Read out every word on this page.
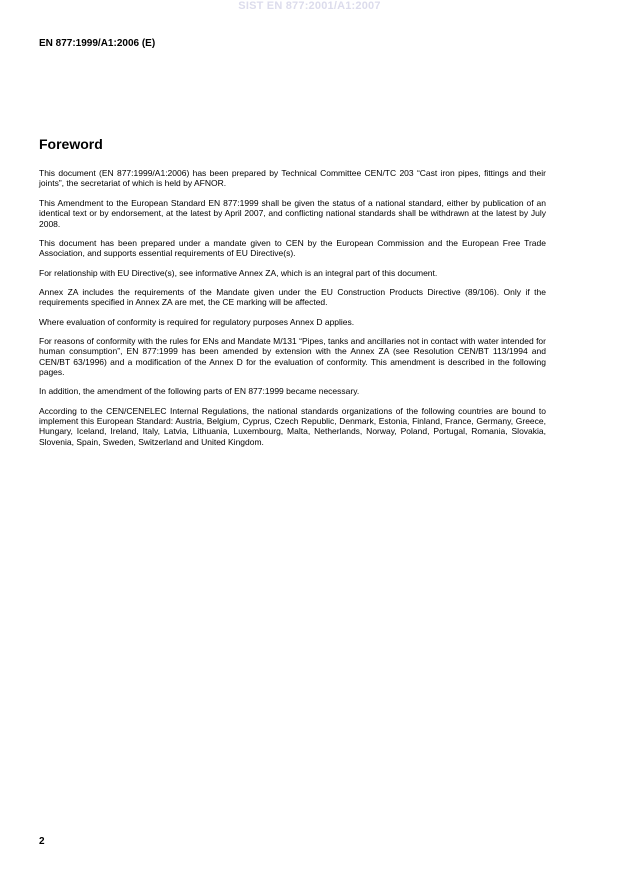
SIST EN 877:2001/A1:2007
EN 877:1999/A1:2006 (E)
Foreword

This document (EN 877:1999/A1:2006) has been prepared by Technical Committee CEN/TC 203 “Cast iron pipes, fittings and their joints”, the secretariat of which is held by AFNOR.

This Amendment to the European Standard EN 877:1999 shall be given the status of a national standard, either by publication of an identical text or by endorsement, at the latest by April 2007, and conflicting national standards shall be withdrawn at the latest by July 2008.

This document has been prepared under a mandate given to CEN by the European Commission and the European Free Trade Association, and supports essential requirements of EU Directive(s).

For relationship with EU Directive(s), see informative Annex ZA, which is an integral part of this document.

Annex ZA includes the requirements of the Mandate given under the EU Construction Products Directive (89/106). Only if the requirements specified in Annex ZA are met, the CE marking will be affected.

Where evaluation of conformity is required for regulatory purposes Annex D applies.

For reasons of conformity with the rules for ENs and Mandate M/131 “Pipes, tanks and ancillaries not in contact with water intended for human consumption”, EN 877:1999 has been amended by extension with the Annex ZA (see Resolution CEN/BT 113/1994 and CEN/BT 63/1996) and a modification of the Annex D for the evaluation of conformity. This amendment is described in the following pages.

In addition, the amendment of the following parts of EN 877:1999 became necessary.

According to the CEN/CENELEC Internal Regulations, the national standards organizations of the following countries are bound to implement this European Standard: Austria, Belgium, Cyprus, Czech Republic, Denmark, Estonia, Finland, France, Germany, Greece, Hungary, Iceland, Ireland, Italy, Latvia, Lithuania, Luxembourg, Malta, Netherlands, Norway, Poland, Portugal, Romania, Slovakia, Slovenia, Spain, Sweden, Switzerland and United Kingdom.

2
